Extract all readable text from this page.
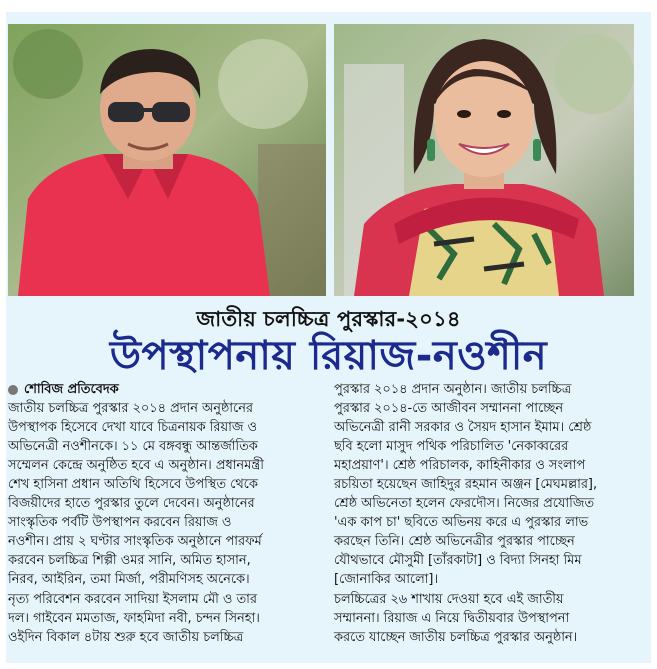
জাতীয় চলচ্চিত্র পুরস্কার-২০১৪
উপস্থাপনায় রিয়াজ-নওশীন

শোবিজ প্রতিবেদক

জাতীয় চলচ্চিত্র পুরস্কার ২০১৪ প্রদান অনুষ্ঠানের

উপস্থাপক হিসেবে দেখা যাবে চিত্রনায়ক রিয়াজ ও

অভিনেত্রী নওশীনকে। ১১ মে বঙ্গবন্ধু আন্তর্জাতিক

সম্মেলন কেন্দ্রে অনুষ্ঠিত হবে এ অনুষ্ঠান। প্রধানমন্ত্রী

শেখ হাসিনা প্রধান অতিথি হিসেবে উপস্থিত থেকে

বিজয়ীদের হাতে পুরস্কার তুলে দেবেন। অনুষ্ঠানের

সাংস্কৃতিক পর্বটি উপস্থাপন করবেন রিয়াজ ও

নওশীন। প্রায় ২ ঘণ্টার সাংস্কৃতিক অনুষ্ঠানে পারফর্ম

করবেন চলচ্চিত্র শিল্পী ওমর সানি, অমিত হাসান,

নিরব, আইরিন, তমা মির্জা, পরীমণিসহ অনেকে।

নৃত্য পরিবেশন করবেন সাদিয়া ইসলাম মৌ ও তার

দল। গাইবেন মমতাজ, ফাহমিদা নবী, চন্দন সিনহা।

ওইদিন বিকাল ৪টায় শুরু হবে জাতীয় চলচ্চিত্র

পুরস্কার ২০১৪ প্রদান অনুষ্ঠান। জাতীয় চলচ্চিত্র

পুরস্কার ২০১৪-তে আজীবন সম্মাননা পাচ্ছেন

অভিনেত্রী রানী সরকার ও সৈয়দ হাসান ইমাম। শ্রেষ্ঠ

ছবি হলো মাসুদ পথিক পরিচালিত 'নেকাব্বরের

মহাপ্রয়াণ'। শ্রেষ্ঠ পরিচালক, কাহিনীকার ও সংলাপ

রচয়িতা হয়েছেন জাহিদুর রহমান অঞ্জন [মেঘমল্লার],

শ্রেষ্ঠ অভিনেতা হলেন ফেরদৌস। নিজের প্রযোজিত

'এক কাপ চা' ছবিতে অভিনয় করে এ পুরস্কার লাভ

করছেন তিনি। শ্রেষ্ঠ অভিনেত্রীর পুরস্কার পাচ্ছেন

যৌথভাবে মৌসুমী [তাঁরকাটা] ও বিদ্যা সিনহা মিম

[জোনাকির আলো]।

চলচ্চিত্রের ২৬ শাখায় দেওয়া হবে এই জাতীয়

সম্মাননা। রিয়াজ এ নিয়ে দ্বিতীয়বার উপস্থাপনা

করতে যাচ্ছেন জাতীয় চলচ্চিত্র পুরস্কার অনুষ্ঠান।
